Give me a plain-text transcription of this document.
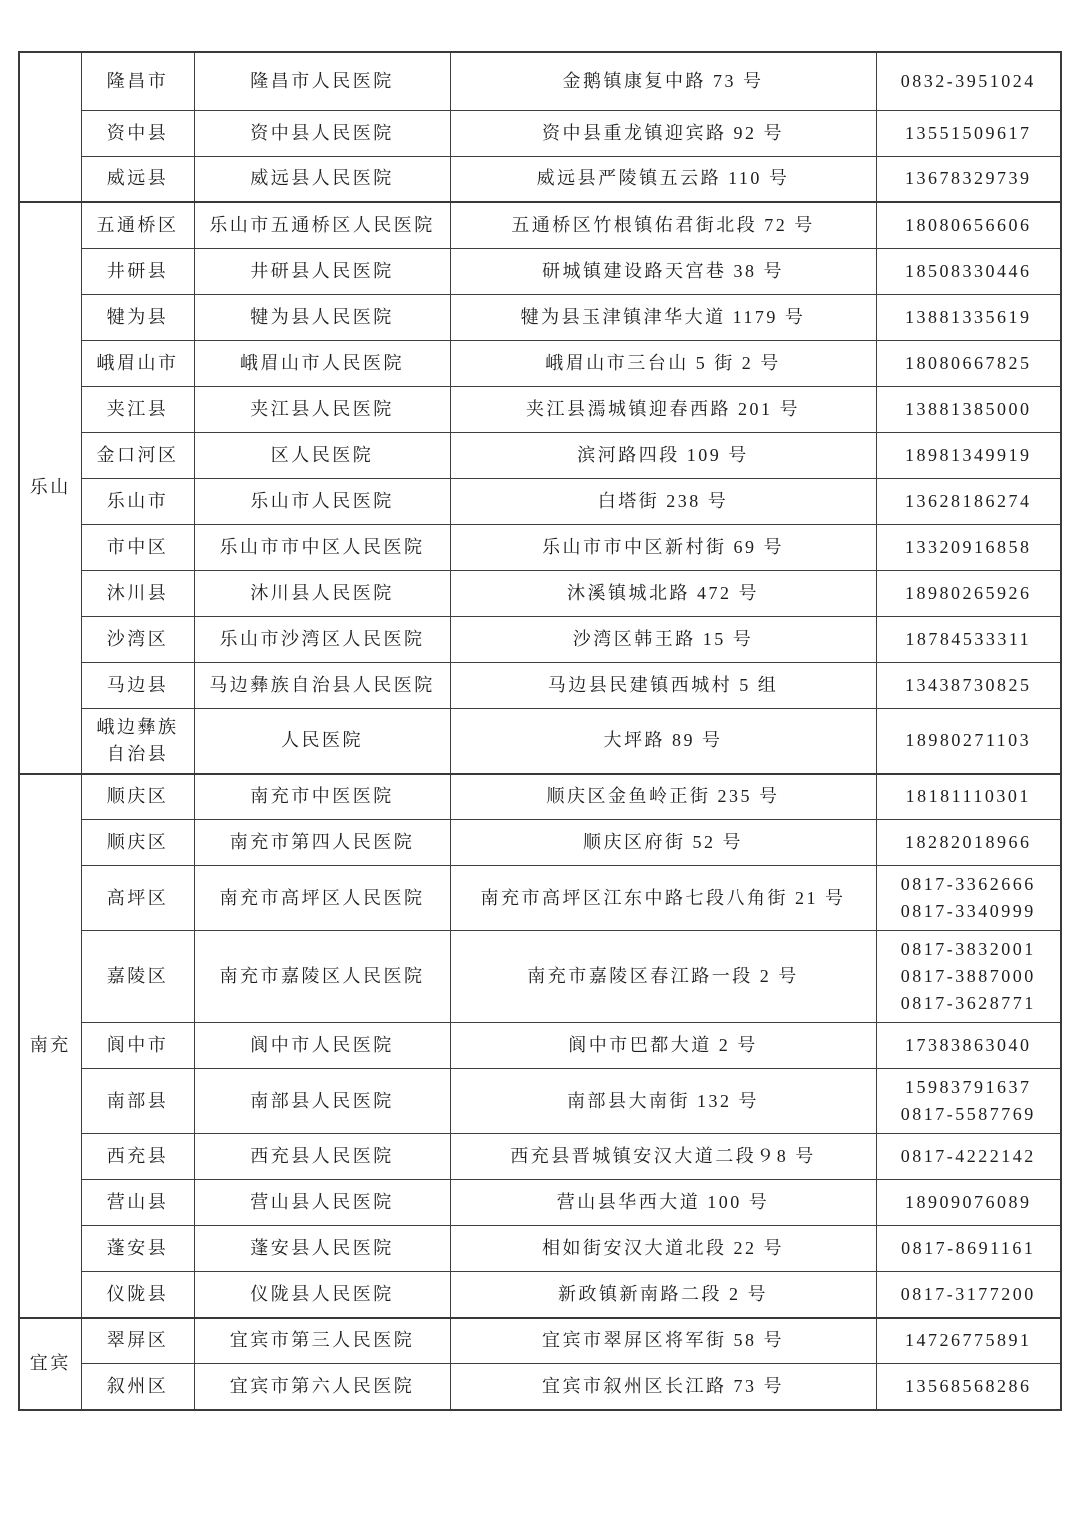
	隆昌市	隆昌市人民医院	金鹅镇康复中路 73 号	0832-3951024

	资中县	资中县人民医院	资中县重龙镇迎宾路 92 号	13551509617

	威远县	威远县人民医院	威远县严陵镇五云路 110 号	13678329739

乐山	五通桥区	乐山市五通桥区人民医院	五通桥区竹根镇佑君街北段 72 号	18080656606

	井研县	井研县人民医院	研城镇建设路天宫巷 38 号	18508330446

	犍为县	犍为县人民医院	犍为县玉津镇津华大道 1179 号	13881335619

	峨眉山市	峨眉山市人民医院	峨眉山市三台山 5 街 2 号	18080667825

	夹江县	夹江县人民医院	夹江县漹城镇迎春西路 201 号	13881385000

	金口河区	区人民医院	滨河路四段 109 号	18981349919

	乐山市	乐山市人民医院	白塔街 238 号	13628186274

	市中区	乐山市市中区人民医院	乐山市市中区新村街 69 号	13320916858

	沐川县	沐川县人民医院	沐溪镇城北路 472 号	18980265926

	沙湾区	乐山市沙湾区人民医院	沙湾区韩王路 15 号	18784533311

	马边县	马边彝族自治县人民医院	马边县民建镇西城村 5 组	13438730825

	峨边彝族
自治县	人民医院	大坪路 89 号	18980271103

南充	顺庆区	南充市中医医院	顺庆区金鱼岭正街 235 号	18181110301

	顺庆区	南充市第四人民医院	顺庆区府街 52 号	18282018966

	高坪区	南充市高坪区人民医院	南充市高坪区江东中路七段八角街 21 号	0817-3362666
0817-3340999

	嘉陵区	南充市嘉陵区人民医院	南充市嘉陵区春江路一段 2 号	0817-3832001
0817-3887000
0817-3628771

	阆中市	阆中市人民医院	阆中市巴都大道 2 号	17383863040

	南部县	南部县人民医院	南部县大南街 132 号	15983791637
0817-5587769

	西充县	西充县人民医院	西充县晋城镇安汉大道二段９8 号	0817-4222142

	营山县	营山县人民医院	营山县华西大道 100 号	18909076089

	蓬安县	蓬安县人民医院	相如街安汉大道北段 22 号	0817-8691161

	仪陇县	仪陇县人民医院	新政镇新南路二段 2 号	0817-3177200

宜宾	翠屏区	宜宾市第三人民医院	宜宾市翠屏区将军街 58 号	14726775891

	叙州区	宜宾市第六人民医院	宜宾市叙州区长江路 73 号	13568568286
